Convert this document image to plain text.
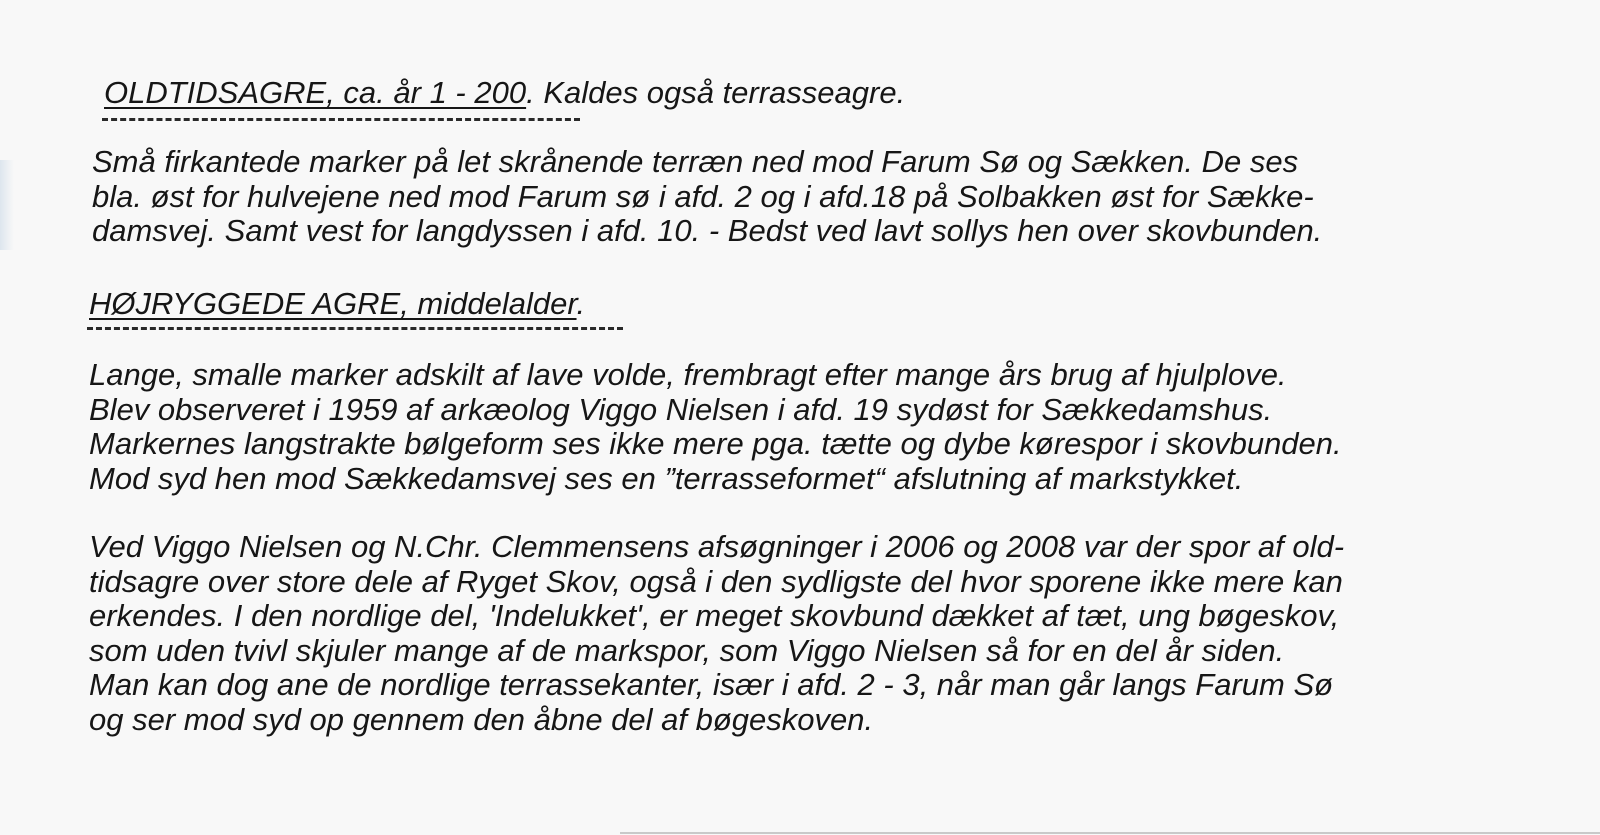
OLDTIDSAGRE, ca. år 1 - 200. Kaldes også terrasseagre.

Små firkantede marker på let skrånende terræn ned mod Farum Sø og Sækken. De ses
bla. øst for hulvejene ned mod Farum sø i afd. 2 og i afd.18 på Solbakken øst for Sække-
damsvej. Samt vest for langdyssen i afd. 10. - Bedst ved lavt sollys hen over skovbunden.

HØJRYGGEDE AGRE, middelalder.

Lange, smalle marker adskilt af lave volde, frembragt efter mange års brug af hjulplove.
Blev observeret i 1959 af arkæolog Viggo Nielsen i afd. 19 sydøst for Sækkedamshus.
Markernes langstrakte bølgeform ses ikke mere pga. tætte og dybe kørespor i skovbunden.
Mod syd hen mod Sækkedamsvej ses en ”terrasseformet“ afslutning af markstykket.

Ved Viggo Nielsen og N.Chr. Clemmensens afsøgninger i 2006 og 2008 var der spor af old-
tidsagre over store dele af Ryget Skov, også i den sydligste del hvor sporene ikke mere kan
erkendes. I den nordlige del, 'Indelukket', er meget skovbund dækket af tæt, ung bøgeskov,
som uden tvivl skjuler mange af de markspor, som Viggo Nielsen så for en del år siden.
Man kan dog ane de nordlige terrassekanter, især i afd. 2 - 3, når man går langs Farum Sø
og ser mod syd op gennem den åbne del af bøgeskoven.
